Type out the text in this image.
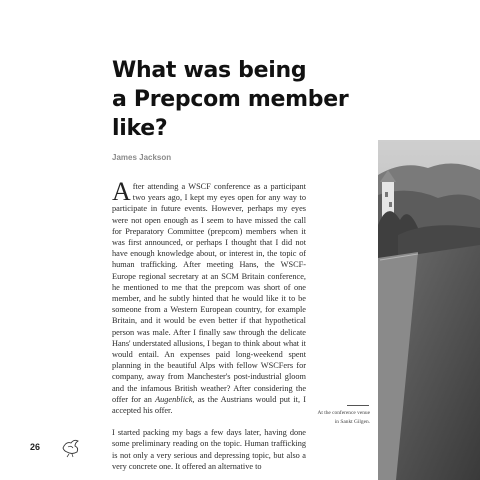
What was being
a Prepcom member
like?
James Jackson

After attending a WSCF conference as a participant two years ago, I kept my eyes open for any way to participate in future events. However, perhaps my eyes were not open enough as I seem to have missed the call for Preparatory Committee (prepcom) members when it was first announced, or perhaps I thought that I did not have enough knowledge about, or interest in, the topic of human trafficking. After meeting Hans, the WSCF-Europe regional secretary at an SCM Britain conference, he mentioned to me that the prepcom was short of one member, and he subtly hinted that he would like it to be someone from a Western European country, for example Britain, and it would be even better if that hypothetical person was male. After I finally saw through the delicate Hans' understated allusions, I began to think about what it would entail. An expenses paid long-weekend spent planning in the beautiful Alps with fellow WSCFers for company, away from Manchester's post-industrial gloom and the infamous British weather? After considering the offer for an Augenblick, as the Austrians would put it, I accepted his offer.

I started packing my bags a few days later, having done some preliminary reading on the topic. Human trafficking is not only a very serious and depressing topic, but also a very concrete one. It offered an alternative to

At the conference venue
in Sankt Gilgen.
26
